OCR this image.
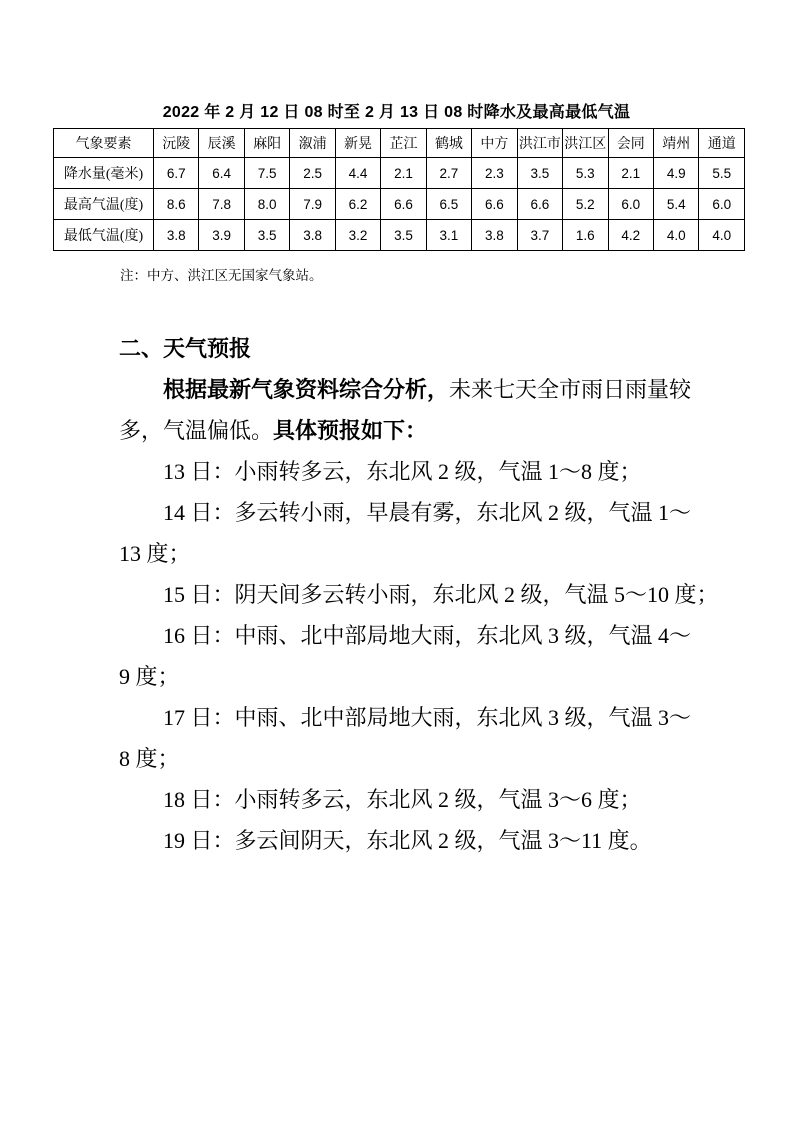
2022 年 2 月 12 日 08 时至 2 月 13 日 08 时降水及最高最低气温
气象要素	沅陵	辰溪	麻阳	溆浦	新晃	芷江	鹤城	中方	洪江市	洪江区	会同	靖州	通道
降水量(毫米)	6.7	6.4	7.5	2.5	4.4	2.1	2.7	2.3	3.5	5.3	2.1	4.9	5.5
最高气温(度)	8.6	7.8	8.0	7.9	6.2	6.6	6.5	6.6	6.6	5.2	6.0	5.4	6.0
最低气温(度)	3.8	3.9	3.5	3.8	3.2	3.5	3.1	3.8	3.7	1.6	4.2	4.0	4.0
注：中方、洪江区无国家气象站。
二、天气预报
根据最新气象资料综合分析，未来七天全市雨日雨量较
多，气温偏低。具体预报如下：
13 日：小雨转多云，东北风 2 级，气温 1～8 度；
14 日：多云转小雨，早晨有雾，东北风 2 级，气温 1～
13 度；
15 日：阴天间多云转小雨，东北风 2 级，气温 5～10 度；
16 日：中雨、北中部局地大雨，东北风 3 级，气温 4～
9 度；
17 日：中雨、北中部局地大雨，东北风 3 级，气温 3～
8 度；
18 日：小雨转多云，东北风 2 级，气温 3～6 度；
19 日：多云间阴天，东北风 2 级，气温 3～11 度。
